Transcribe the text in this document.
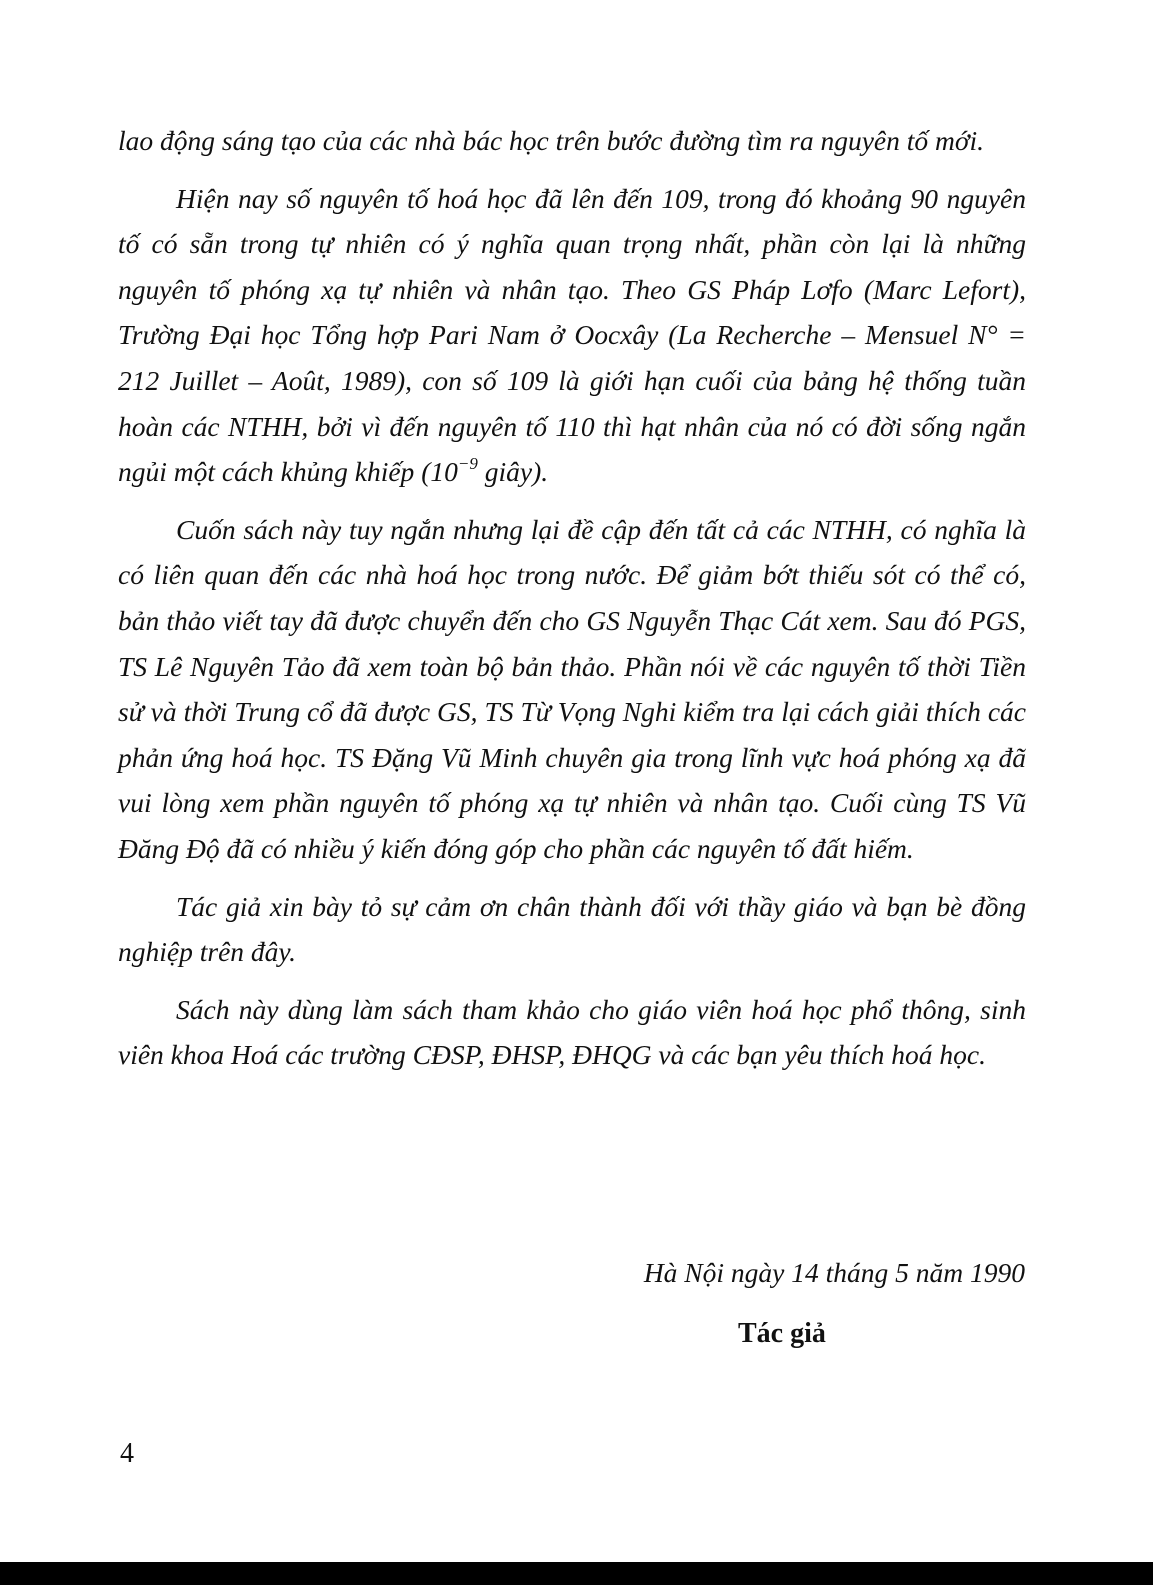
lao động sáng tạo của các nhà bác học trên bước đường tìm ra nguyên tố mới.

Hiện nay số nguyên tố hoá học đã lên đến 109, trong đó khoảng 90 nguyên tố có sẵn trong tự nhiên có ý nghĩa quan trọng nhất, phần còn lại là những nguyên tố phóng xạ tự nhiên và nhân tạo. Theo GS Pháp Lơfo (Marc Lefort), Trường Đại học Tổng hợp Pari Nam ở Oocxây (La Recherche – Mensuel N° = 212 Juillet – Août, 1989), con số 109 là giới hạn cuối của bảng hệ thống tuần hoàn các NTHH, bởi vì đến nguyên tố 110 thì hạt nhân của nó có đời sống ngắn ngủi một cách khủng khiếp ($10^{-9}$ giây).

Cuốn sách này tuy ngắn nhưng lại đề cập đến tất cả các NTHH, có nghĩa là có liên quan đến các nhà hoá học trong nước. Để giảm bớt thiếu sót có thể có, bản thảo viết tay đã được chuyển đến cho GS Nguyễn Thạc Cát xem. Sau đó PGS, TS Lê Nguyên Tảo đã xem toàn bộ bản thảo. Phần nói về các nguyên tố thời Tiền sử và thời Trung cổ đã được GS, TS Từ Vọng Nghi kiểm tra lại cách giải thích các phản ứng hoá học. TS Đặng Vũ Minh chuyên gia trong lĩnh vực hoá phóng xạ đã vui lòng xem phần nguyên tố phóng xạ tự nhiên và nhân tạo. Cuối cùng TS Vũ Đăng Độ đã có nhiều ý kiến đóng góp cho phần các nguyên tố đất hiếm.

Tác giả xin bày tỏ sự cảm ơn chân thành đối với thầy giáo và bạn bè đồng nghiệp trên đây.

Sách này dùng làm sách tham khảo cho giáo viên hoá học phổ thông, sinh viên khoa Hoá các trường CĐSP, ĐHSP, ĐHQG và các bạn yêu thích hoá học.

Hà Nội ngày 14 tháng 5 năm 1990
Tác giả
4
